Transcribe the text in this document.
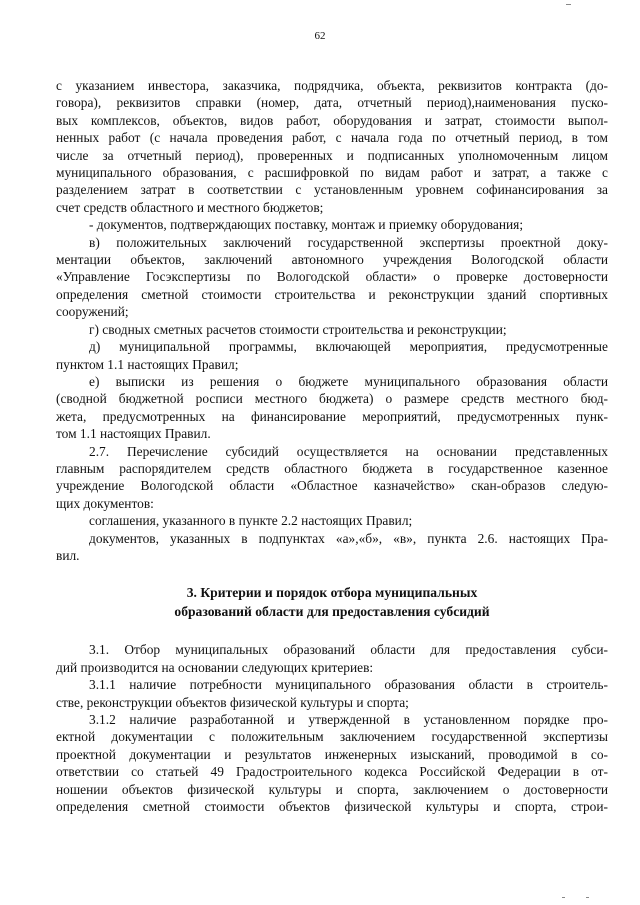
62
с указанием инвестора, заказчика, подрядчика, объекта, реквизитов контракта (до-
говора), реквизитов справки (номер, дата, отчетный период),наименования пуско-
вых комплексов, объектов, видов работ, оборудования и затрат, стоимости выпол-
ненных работ (с начала проведения работ, с начала года по отчетный период, в том
числе за отчетный период), проверенных и подписанных уполномоченным лицом
муниципального образования, с расшифровкой по видам работ и затрат, а также с
разделением затрат в соответствии с установленным уровнем софинансирования за
счет средств областного и местного бюджетов;
- документов, подтверждающих поставку, монтаж и приемку оборудования;
в) положительных заключений государственной экспертизы проектной доку-
ментации объектов, заключений автономного учреждения Вологодской области
«Управление Госэкспертизы по Вологодской области» о проверке достоверности
определения сметной стоимости строительства и реконструкции зданий спортивных
сооружений;
г) сводных сметных расчетов стоимости строительства и реконструкции;
д) муниципальной программы, включающей мероприятия, предусмотренные
пунктом 1.1 настоящих Правил;
е) выписки из решения о бюджете муниципального образования области
(сводной бюджетной росписи местного бюджета) о размере средств местного бюд-
жета, предусмотренных на финансирование мероприятий, предусмотренных пунк-
том 1.1 настоящих Правил.
2.7. Перечисление субсидий осуществляется на основании представленных
главным распорядителем средств областного бюджета в государственное казенное
учреждение Вологодской области «Областное казначейство» скан-образов следую-
щих документов:
соглашения, указанного в пункте 2.2 настоящих Правил;
документов, указанных в подпунктах «а»,«б», «в», пункта 2.6. настоящих Пра-
вил.

3. Критерии и порядок отбора муниципальных

образований области для предоставления субсидий

3.1. Отбор муниципальных образований области для предоставления субси-
дий производится на основании следующих критериев:
3.1.1 наличие потребности муниципального образования области в строитель-
стве, реконструкции объектов физической культуры и спорта;
3.1.2 наличие разработанной и утвержденной в установленном порядке про-
ектной документации с положительным заключением государственной экспертизы
проектной документации и результатов инженерных изысканий, проводимой в со-
ответствии со статьей 49 Градостроительного кодекса Российской Федерации в от-
ношении объектов физической культуры и спорта, заключением о достоверности
определения сметной стоимости объектов физической культуры и спорта, строи-
